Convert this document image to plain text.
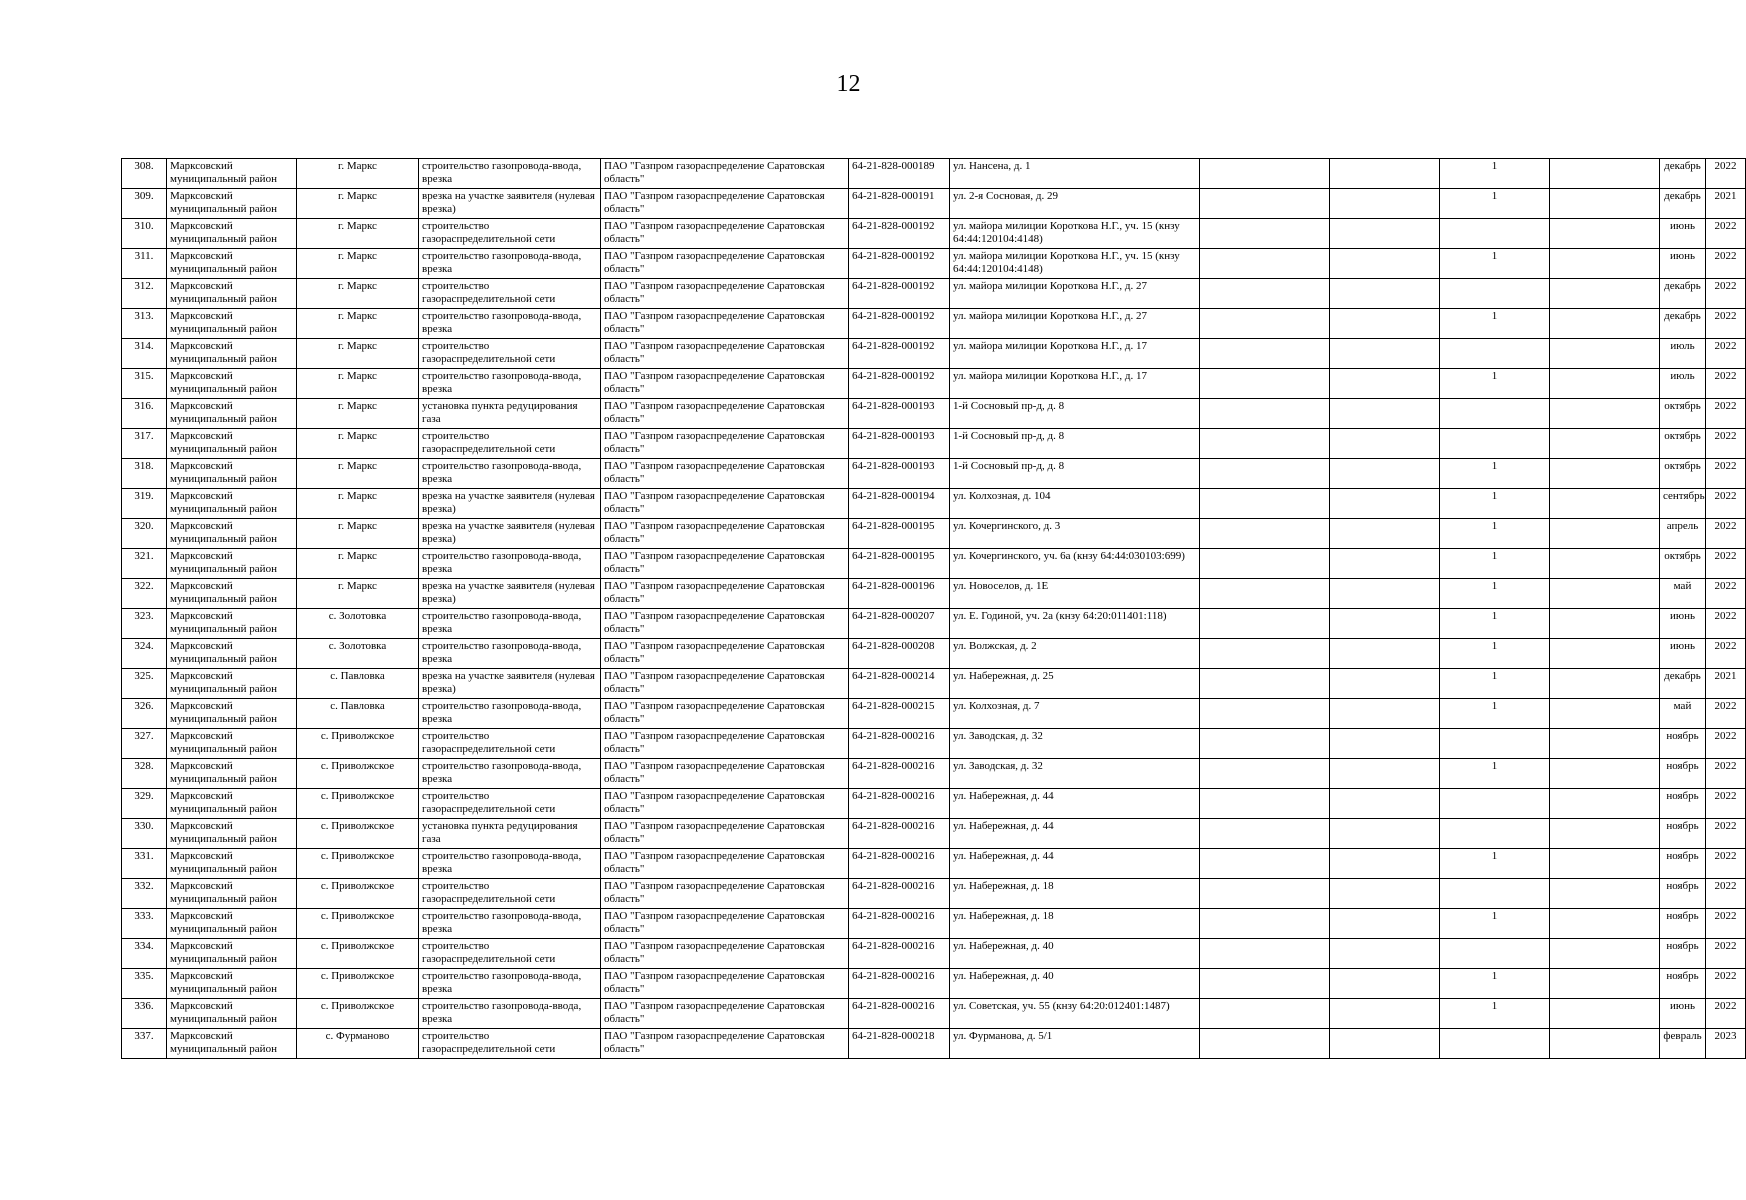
12
308.	Марксовский муниципальный район	г. Маркс	строительство газопровода-ввода, врезка	ПАО "Газпром газораспределение Саратовская область"	64-21-828-000189	ул. Нансена, д. 1			1		декабрь	2022
309.	Марксовский муниципальный район	г. Маркс	врезка на участке заявителя (нулевая врезка)	ПАО "Газпром газораспределение Саратовская область"	64-21-828-000191	ул. 2-я Сосновая, д. 29			1		декабрь	2021
310.	Марксовский муниципальный район	г. Маркс	строительство газораспределительной сети	ПАО "Газпром газораспределение Саратовская область"	64-21-828-000192	ул. майора милиции Короткова Н.Г., уч. 15 (кнзу 64:44:120104:4148)					июнь	2022
311.	Марксовский муниципальный район	г. Маркс	строительство газопровода-ввода, врезка	ПАО "Газпром газораспределение Саратовская область"	64-21-828-000192	ул. майора милиции Короткова Н.Г., уч. 15 (кнзу 64:44:120104:4148)			1		июнь	2022
312.	Марксовский муниципальный район	г. Маркс	строительство газораспределительной сети	ПАО "Газпром газораспределение Саратовская область"	64-21-828-000192	ул. майора милиции Короткова Н.Г., д. 27					декабрь	2022
313.	Марксовский муниципальный район	г. Маркс	строительство газопровода-ввода, врезка	ПАО "Газпром газораспределение Саратовская область"	64-21-828-000192	ул. майора милиции Короткова Н.Г., д. 27			1		декабрь	2022
314.	Марксовский муниципальный район	г. Маркс	строительство газораспределительной сети	ПАО "Газпром газораспределение Саратовская область"	64-21-828-000192	ул. майора милиции Короткова Н.Г., д. 17					июль	2022
315.	Марксовский муниципальный район	г. Маркс	строительство газопровода-ввода, врезка	ПАО "Газпром газораспределение Саратовская область"	64-21-828-000192	ул. майора милиции Короткова Н.Г., д. 17			1		июль	2022
316.	Марксовский муниципальный район	г. Маркс	установка пункта редуцирования газа	ПАО "Газпром газораспределение Саратовская область"	64-21-828-000193	1-й Сосновый пр-д, д. 8					октябрь	2022
317.	Марксовский муниципальный район	г. Маркс	строительство газораспределительной сети	ПАО "Газпром газораспределение Саратовская область"	64-21-828-000193	1-й Сосновый пр-д, д. 8					октябрь	2022
318.	Марксовский муниципальный район	г. Маркс	строительство газопровода-ввода, врезка	ПАО "Газпром газораспределение Саратовская область"	64-21-828-000193	1-й Сосновый пр-д, д. 8			1		октябрь	2022
319.	Марксовский муниципальный район	г. Маркс	врезка на участке заявителя (нулевая врезка)	ПАО "Газпром газораспределение Саратовская область"	64-21-828-000194	ул. Колхозная, д. 104			1		сентябрь	2022
320.	Марксовский муниципальный район	г. Маркс	врезка на участке заявителя (нулевая врезка)	ПАО "Газпром газораспределение Саратовская область"	64-21-828-000195	ул. Кочергинского, д. 3			1		апрель	2022
321.	Марксовский муниципальный район	г. Маркс	строительство газопровода-ввода, врезка	ПАО "Газпром газораспределение Саратовская область"	64-21-828-000195	ул. Кочергинского, уч. 6а (кнзу 64:44:030103:699)			1		октябрь	2022
322.	Марксовский муниципальный район	г. Маркс	врезка на участке заявителя (нулевая врезка)	ПАО "Газпром газораспределение Саратовская область"	64-21-828-000196	ул. Новоселов, д. 1Е			1		май	2022
323.	Марксовский муниципальный район	с. Золотовка	строительство газопровода-ввода, врезка	ПАО "Газпром газораспределение Саратовская область"	64-21-828-000207	ул. Е. Годиной, уч. 2а (кнзу 64:20:011401:118)			1		июнь	2022
324.	Марксовский муниципальный район	с. Золотовка	строительство газопровода-ввода, врезка	ПАО "Газпром газораспределение Саратовская область"	64-21-828-000208	ул. Волжская, д. 2			1		июнь	2022
325.	Марксовский муниципальный район	с. Павловка	врезка на участке заявителя (нулевая врезка)	ПАО "Газпром газораспределение Саратовская область"	64-21-828-000214	ул. Набережная, д. 25			1		декабрь	2021
326.	Марксовский муниципальный район	с. Павловка	строительство газопровода-ввода, врезка	ПАО "Газпром газораспределение Саратовская область"	64-21-828-000215	ул. Колхозная, д. 7			1		май	2022
327.	Марксовский муниципальный район	с. Приволжское	строительство газораспределительной сети	ПАО "Газпром газораспределение Саратовская область"	64-21-828-000216	ул. Заводская, д. 32					ноябрь	2022
328.	Марксовский муниципальный район	с. Приволжское	строительство газопровода-ввода, врезка	ПАО "Газпром газораспределение Саратовская область"	64-21-828-000216	ул. Заводская, д. 32			1		ноябрь	2022
329.	Марксовский муниципальный район	с. Приволжское	строительство газораспределительной сети	ПАО "Газпром газораспределение Саратовская область"	64-21-828-000216	ул. Набережная, д. 44					ноябрь	2022
330.	Марксовский муниципальный район	с. Приволжское	установка пункта редуцирования газа	ПАО "Газпром газораспределение Саратовская область"	64-21-828-000216	ул. Набережная, д. 44					ноябрь	2022
331.	Марксовский муниципальный район	с. Приволжское	строительство газопровода-ввода, врезка	ПАО "Газпром газораспределение Саратовская область"	64-21-828-000216	ул. Набережная, д. 44			1		ноябрь	2022
332.	Марксовский муниципальный район	с. Приволжское	строительство газораспределительной сети	ПАО "Газпром газораспределение Саратовская область"	64-21-828-000216	ул. Набережная, д. 18					ноябрь	2022
333.	Марксовский муниципальный район	с. Приволжское	строительство газопровода-ввода, врезка	ПАО "Газпром газораспределение Саратовская область"	64-21-828-000216	ул. Набережная, д. 18			1		ноябрь	2022
334.	Марксовский муниципальный район	с. Приволжское	строительство газораспределительной сети	ПАО "Газпром газораспределение Саратовская область"	64-21-828-000216	ул. Набережная, д. 40					ноябрь	2022
335.	Марксовский муниципальный район	с. Приволжское	строительство газопровода-ввода, врезка	ПАО "Газпром газораспределение Саратовская область"	64-21-828-000216	ул. Набережная, д. 40			1		ноябрь	2022
336.	Марксовский муниципальный район	с. Приволжское	строительство газопровода-ввода, врезка	ПАО "Газпром газораспределение Саратовская область"	64-21-828-000216	ул. Советская, уч. 55 (кнзу 64:20:012401:1487)			1		июнь	2022
337.	Марксовский муниципальный район	с. Фурманово	строительство газораспределительной сети	ПАО "Газпром газораспределение Саратовская область"	64-21-828-000218	ул. Фурманова, д. 5/1					февраль	2023
